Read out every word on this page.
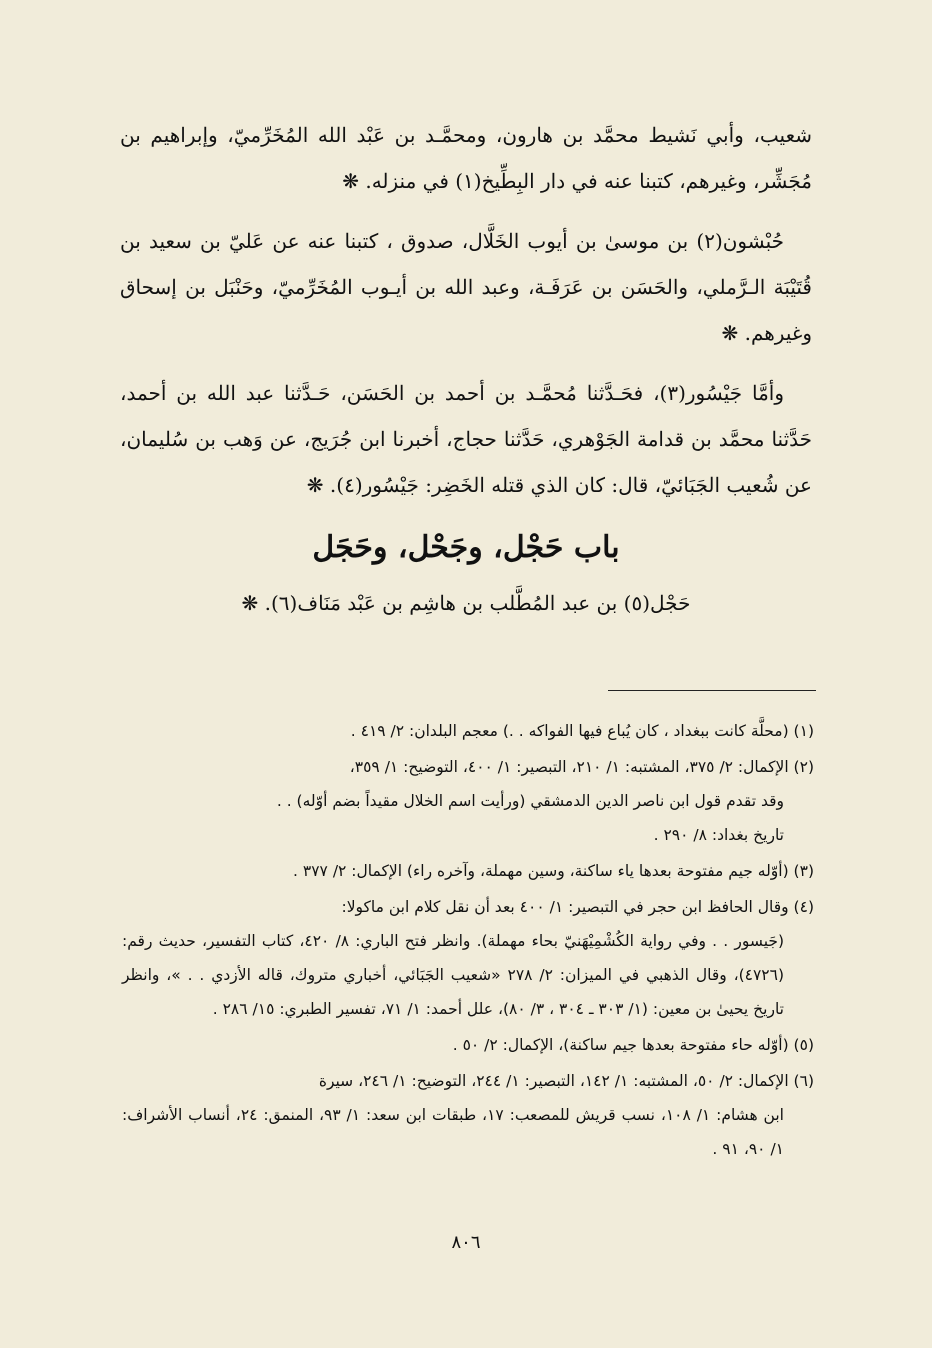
شعيب، وأبي نَشيط محمَّد بن هارون، ومحمَّـد بن عَبْد الله المُخَرِّميّ، وإبراهيم بن مُجَشِّر، وغيرهم، كتبنا عنه في دار البِطِّيخ(١) في منزله. ❋

حُبْشون(٢) بن موسىٰ بن أيوب الخَلَّال، صدوق ، كتبنا عنه عن عَليّ بن سعيد بن قُتَيْبَة الـرَّملي، والحَسَن بن عَرَفَـة، وعبد الله بن أيـوب المُخَرِّميّ، وحَنْبَل بن إسحاق وغيرهم. ❋

وأمَّا جَيْسُور(٣)، فحَـدَّثنا مُحمَّـد بن أحمد بن الحَسَن، حَـدَّثنا عبد الله بن أحمد، حَدَّثنا محمَّد بن قدامة الجَوْهري، حَدَّثنا حجاج، أخبرنا ابن جُرَيج، عن وَهب بن سُليمان، عن شُعيب الجَبَائيّ، قال: كان الذي قتله الخَضِر: جَيْسُور(٤). ❋

باب حَجْل، وجَحْل، وحَجَل

حَجْل(٥) بن عبد المُطَّلب بن هاشِم بن عَبْد مَنَاف(٦). ❋

(١) (محلَّة كانت ببغداد ، كان يُباع فيها الفواكه . .) معجم البلدان: ٢/ ٤١٩ .
(٢) الإكمال: ٢/ ٣٧٥، المشتبه: ١/ ٢١٠، التبصير: ١/ ٤٠٠، التوضيح: ١/ ٣٥٩،
وقد تقدم قول ابن ناصر الدين الدمشقي (ورأيت اسم الخلال مقيداً بضم أوّله) . .
تاريخ بغداد: ٨/ ٢٩٠ .
(٣) (أوّله جيم مفتوحة بعدها ياء ساكنة، وسين مهملة، وآخره راء) الإكمال: ٢/ ٣٧٧ .
(٤) وقال الحافظ ابن حجر في التبصير: ١/ ٤٠٠ بعد أن نقل كلام ابن ماكولا:
(جَيسور . . وفي رواية الكُشْمِيْهَنيّ بحاء مهملة). وانظر فتح الباري: ٨/ ٤٢٠، كتاب التفسير، حديث رقم: (٤٧٢٦)، وقال الذهبي في الميزان: ٢/ ٢٧٨ «شعيب الجَبَائي، أخباري متروك، قاله الأزدي . . »، وانظر تاريخ يحيىٰ بن معين: (١/ ٣٠٣ ـ ٣٠٤ ، ٣/ ٨٠)، علل أحمد: ١/ ٧١، تفسير الطبري: ١٥/ ٢٨٦ .
(٥) (أوّله حاء مفتوحة بعدها جيم ساكنة)، الإكمال: ٢/ ٥٠ .
(٦) الإكمال: ٢/ ٥٠، المشتبه: ١/ ١٤٢، التبصير: ١/ ٢٤٤، التوضيح: ١/ ٢٤٦، سيرة
ابن هشام: ١/ ١٠٨، نسب قريش للمصعب: ١٧، طبقات ابن سعد: ١/ ٩٣، المنمق: ٢٤، أنساب الأشراف: ١/ ٩٠، ٩١ .
٨٠٦
